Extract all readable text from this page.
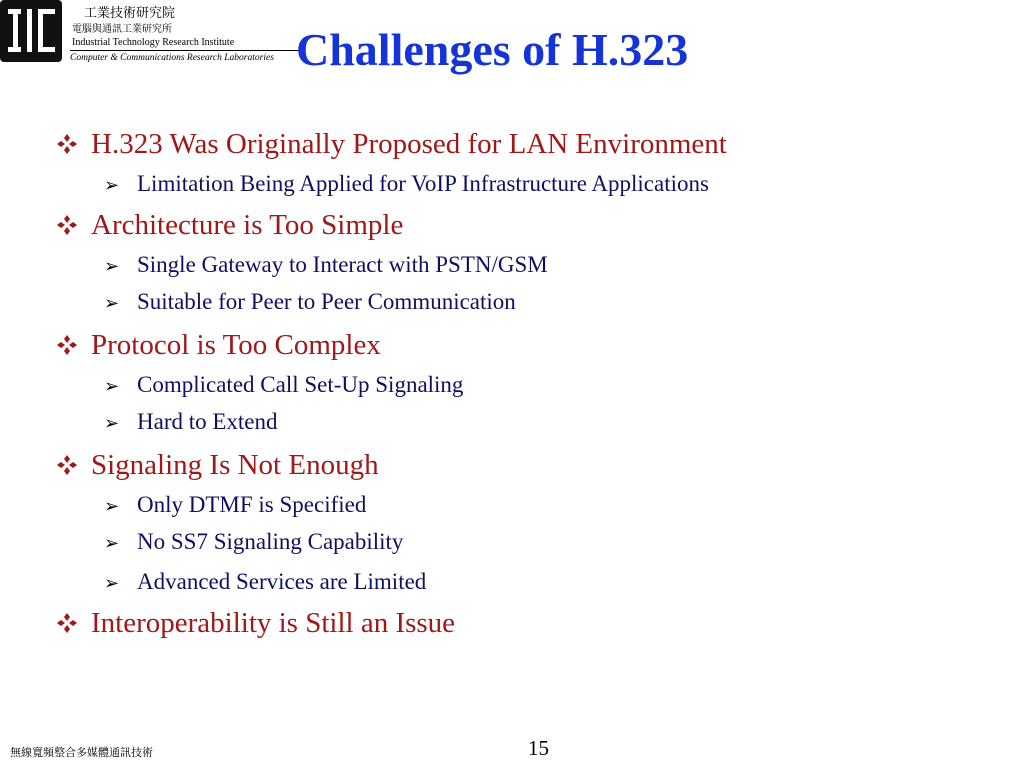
工業技術研究院
電腦與通訊工業研究所
Industrial Technology Research Institute
Computer & Communications Research Laboratories Challenges of H.323
H.323 Was Originally Proposed for LAN Environment
➢ Limitation Being Applied for VoIP Infrastructure Applications
Architecture is Too Simple
➢ Single Gateway to Interact with PSTN/GSM
➢ Suitable for Peer to Peer Communication
Protocol is Too Complex
➢ Complicated Call Set-Up Signaling
➢ Hard to Extend
Signaling Is Not Enough
➢ Only DTMF is Specified
➢ No SS7 Signaling Capability
➢ Advanced Services are Limited
Interoperability is Still an Issue
無線寬頻整合多媒體通訊技術	15
